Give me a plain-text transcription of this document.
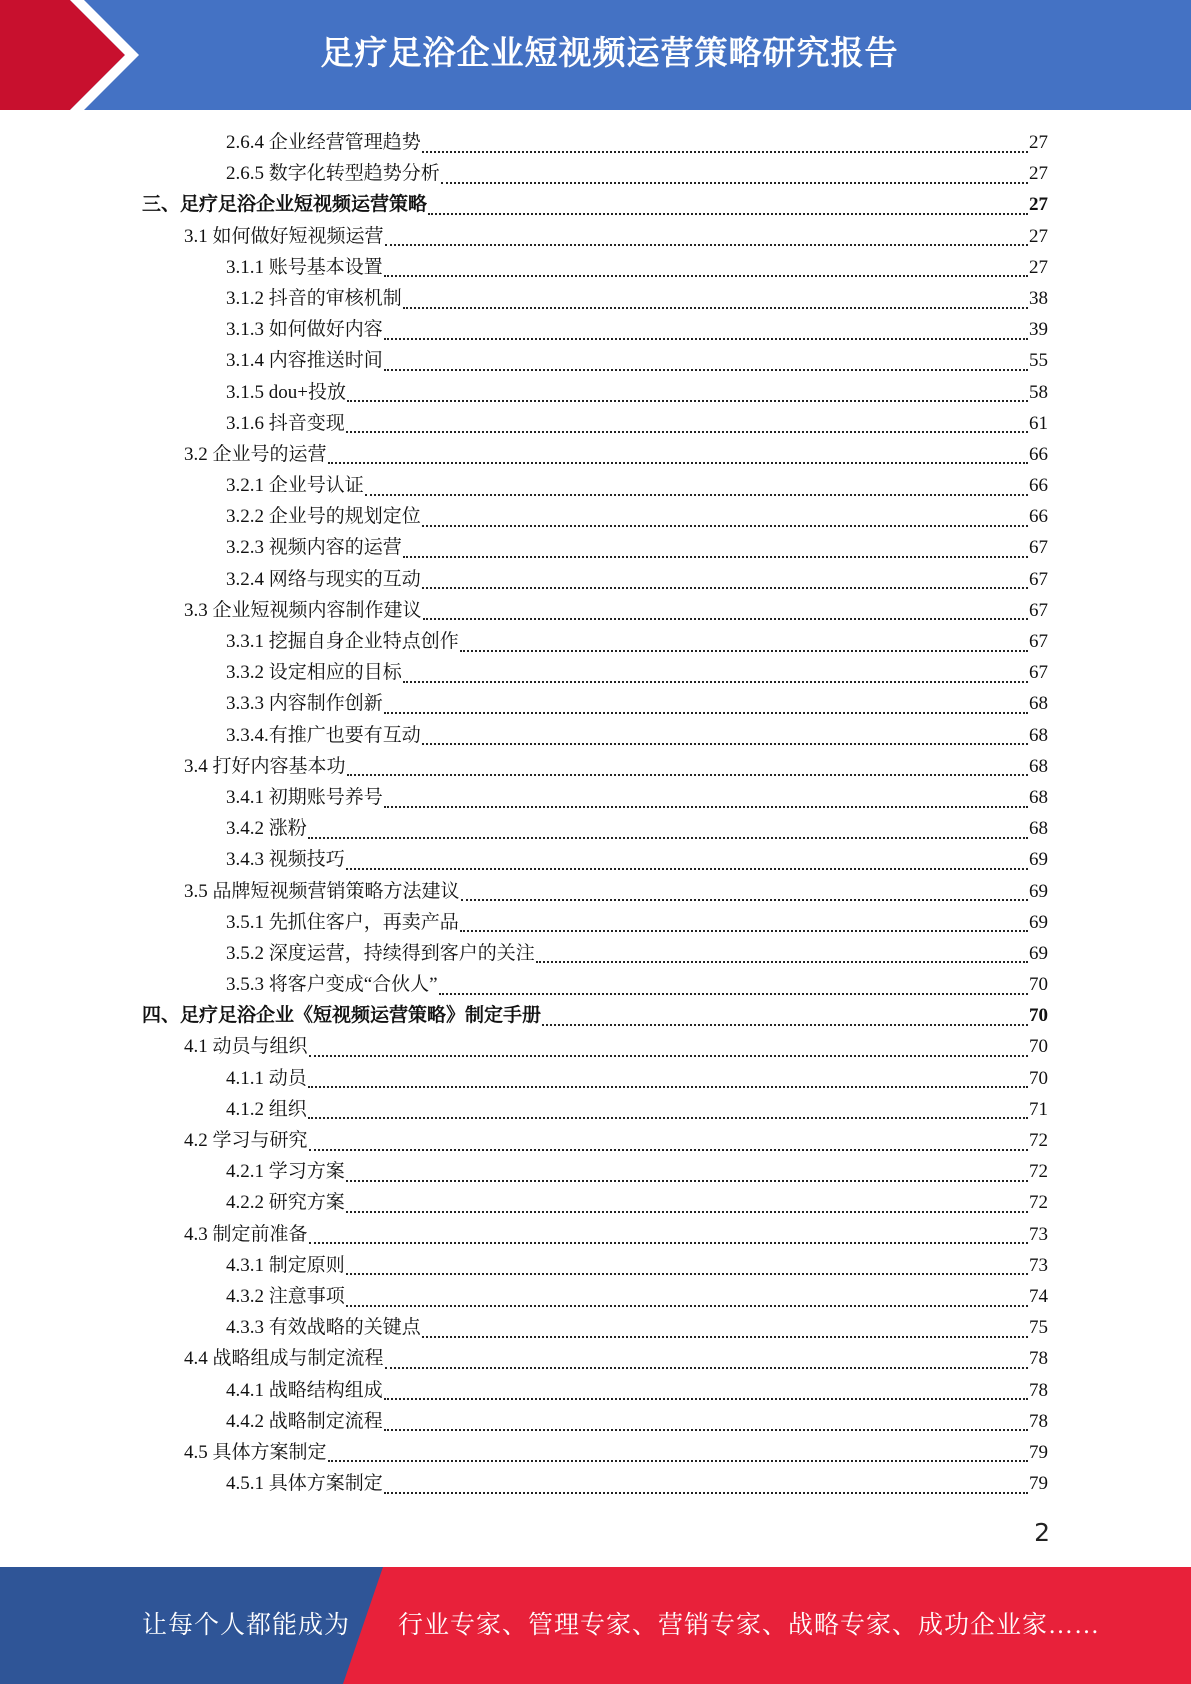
足疗足浴企业短视频运营策略研究报告
2.6.4 企业经营管理趋势	27
2.6.5 数字化转型趋势分析	27
三、足疗足浴企业短视频运营策略	27
3.1 如何做好短视频运营	27
3.1.1 账号基本设置	27
3.1.2 抖音的审核机制	38
3.1.3 如何做好内容	39
3.1.4 内容推送时间	55
3.1.5 dou+投放	58
3.1.6 抖音变现	61
3.2 企业号的运营	66
3.2.1 企业号认证	66
3.2.2 企业号的规划定位	66
3.2.3 视频内容的运营	67
3.2.4 网络与现实的互动	67
3.3 企业短视频内容制作建议	67
3.3.1 挖掘自身企业特点创作	67
3.3.2 设定相应的目标	67
3.3.3 内容制作创新	68
3.3.4.有推广也要有互动	68
3.4 打好内容基本功	68
3.4.1 初期账号养号	68
3.4.2 涨粉	68
3.4.3 视频技巧	69
3.5 品牌短视频营销策略方法建议	69
3.5.1 先抓住客户，再卖产品	69
3.5.2 深度运营，持续得到客户的关注	69
3.5.3 将客户变成“合伙人”	70
四、足疗足浴企业《短视频运营策略》制定手册	70
4.1 动员与组织	70
4.1.1 动员	70
4.1.2 组织	71
4.2 学习与研究	72
4.2.1 学习方案	72
4.2.2 研究方案	72
4.3 制定前准备	73
4.3.1 制定原则	73
4.3.2 注意事项	74
4.3.3 有效战略的关键点	75
4.4 战略组成与制定流程	78
4.4.1 战略结构组成	78
4.4.2 战略制定流程	78
4.5 具体方案制定	79
4.5.1 具体方案制定	79
2
让每个人都能成为 行业专家、管理专家、营销专家、战略专家、成功企业家……
